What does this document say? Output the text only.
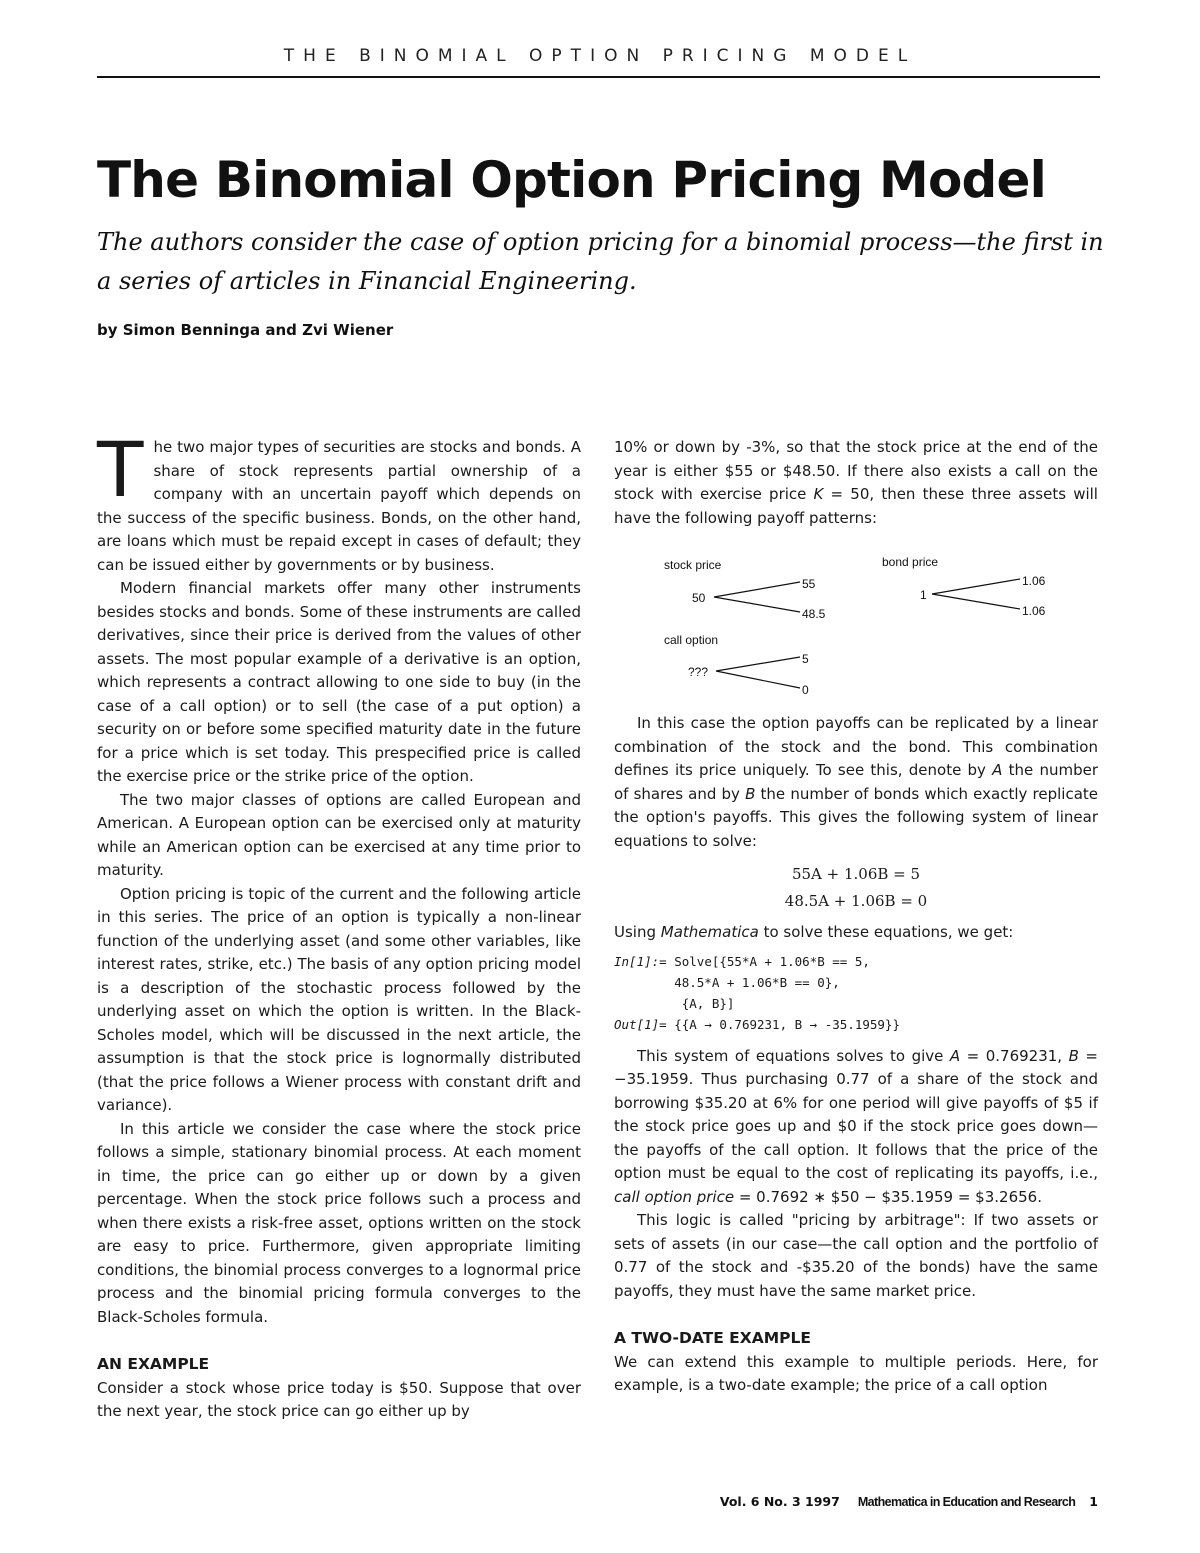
THE BINOMIAL OPTION PRICING MODEL
The Binomial Option Pricing Model

The authors consider the case of option pricing for a binomial process—the first in a series of articles in Financial Engineering.

by Simon Benninga and Zvi Wiener

The two major types of securities are stocks and bonds. A share of stock represents partial ownership of a company with an uncertain payoff which depends on the success of the specific business. Bonds, on the other hand, are loans which must be repaid except in cases of default; they can be issued either by governments or by business.

Modern financial markets offer many other instruments besides stocks and bonds. Some of these instruments are called derivatives, since their price is derived from the values of other assets. The most popular example of a derivative is an option, which represents a contract allowing to one side to buy (in the case of a call option) or to sell (the case of a put option) a security on or before some specified maturity date in the future for a price which is set today. This prespecified price is called the exercise price or the strike price of the option.

The two major classes of options are called European and American. A European option can be exercised only at maturity while an American option can be exercised at any time prior to maturity.

Option pricing is topic of the current and the following article in this series. The price of an option is typically a non-linear function of the underlying asset (and some other variables, like interest rates, strike, etc.) The basis of any option pricing model is a description of the stochastic process followed by the underlying asset on which the option is written. In the Black-Scholes model, which will be discussed in the next article, the assumption is that the stock price is lognormally distributed (that the price follows a Wiener process with constant drift and variance).

In this article we consider the case where the stock price follows a simple, stationary binomial process. At each moment in time, the price can go either up or down by a given percentage. When the stock price follows such a process and when there exists a risk-free asset, options written on the stock are easy to price. Furthermore, given appropriate limiting conditions, the binomial process converges to a lognormal price process and the binomial pricing formula converges to the Black-Scholes formula.

AN EXAMPLE

Consider a stock whose price today is $50. Suppose that over the next year, the stock price can go either up by

10% or down by -3%, so that the stock price at the end of the year is either $55 or $48.50. If there also exists a call on the stock with exercise price K = 50, then these three assets will have the following payoff patterns:

stock price
50
55
48.5
bond price
1
1.06
1.06
call option
???
5
0

In this case the option payoffs can be replicated by a linear combination of the stock and the bond. This combination defines its price uniquely. To see this, denote by A the number of shares and by B the number of bonds which exactly replicate the option's payoffs. This gives the following system of linear equations to solve:

55A + 1.06B = 5
48.5A + 1.06B = 0

Using Mathematica to solve these equations, we get:

In[1]:= Solve[{55*A + 1.06*B == 5,
48.5*A + 1.06*B == 0},
{A, B}]
Out[1]= {{A → 0.769231, B → -35.1959}}

This system of equations solves to give A = 0.769231, B = −35.1959. Thus purchasing 0.77 of a share of the stock and borrowing $35.20 at 6% for one period will give payoffs of $5 if the stock price goes up and $0 if the stock price goes down—the payoffs of the call option. It follows that the price of the option must be equal to the cost of replicating its payoffs, i.e., call option price = 0.7692 ∗ $50 − $35.1959 = $3.2656.

This logic is called "pricing by arbitrage": If two assets or sets of assets (in our case—the call option and the portfolio of 0.77 of the stock and -$35.20 of the bonds) have the same payoffs, they must have the same market price.

A TWO-DATE EXAMPLE

We can extend this example to multiple periods. Here, for example, is a two-date example; the price of a call option

Vol. 6 No. 3 1997 Mathematica in Education and Research 1
